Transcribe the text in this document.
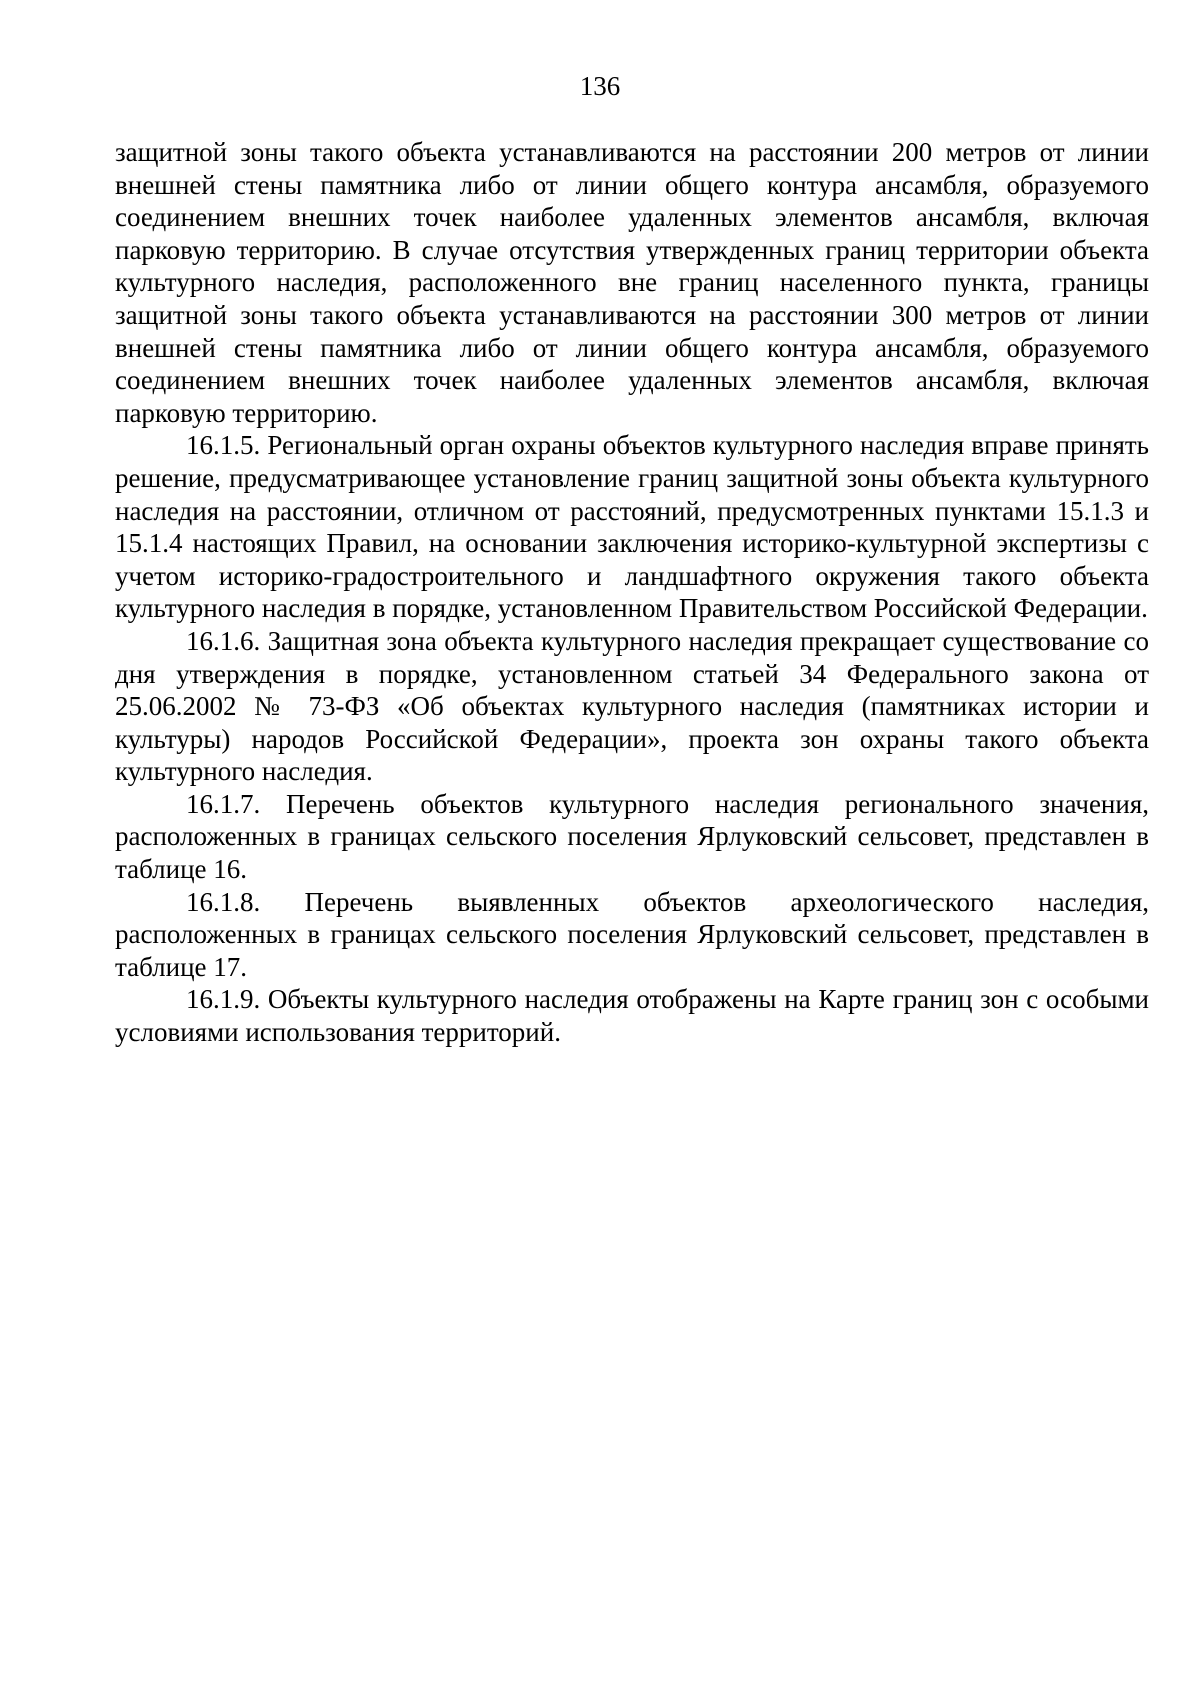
136

защитной зоны такого объекта устанавливаются на расстоянии 200 метров от линии внешней стены памятника либо от линии общего контура ансамбля, образуемого соединением внешних точек наиболее удаленных элементов ансамбля, включая парковую территорию. В случае отсутствия утвержденных границ территории объекта культурного наследия, расположенного вне границ населенного пункта, границы защитной зоны такого объекта устанавливаются на расстоянии 300 метров от линии внешней стены памятника либо от линии общего контура ансамбля, образуемого соединением внешних точек наиболее удаленных элементов ансамбля, включая парковую территорию.

16.1.5. Региональный орган охраны объектов культурного наследия вправе принять решение, предусматривающее установление границ защитной зоны объекта культурного наследия на расстоянии, отличном от расстояний, предусмотренных пунктами 15.1.3 и 15.1.4 настоящих Правил, на основании заключения историко-культурной экспертизы с учетом историко-градостроительного и ландшафтного окружения такого объекта культурного наследия в порядке, установленном Правительством Российской Федерации.

16.1.6. Защитная зона объекта культурного наследия прекращает существование со дня утверждения в порядке, установленном статьей 34 Федерального закона от 25.06.2002 № 73-ФЗ «Об объектах культурного наследия (памятниках истории и культуры) народов Российской Федерации», проекта зон охраны такого объекта культурного наследия.

16.1.7. Перечень объектов культурного наследия регионального значения, расположенных в границах сельского поселения Ярлуковский сельсовет, представлен в таблице 16.

16.1.8. Перечень выявленных объектов археологического наследия, расположенных в границах сельского поселения Ярлуковский сельсовет, представлен в таблице 17.

16.1.9. Объекты культурного наследия отображены на Карте границ зон с особыми условиями использования территорий.
